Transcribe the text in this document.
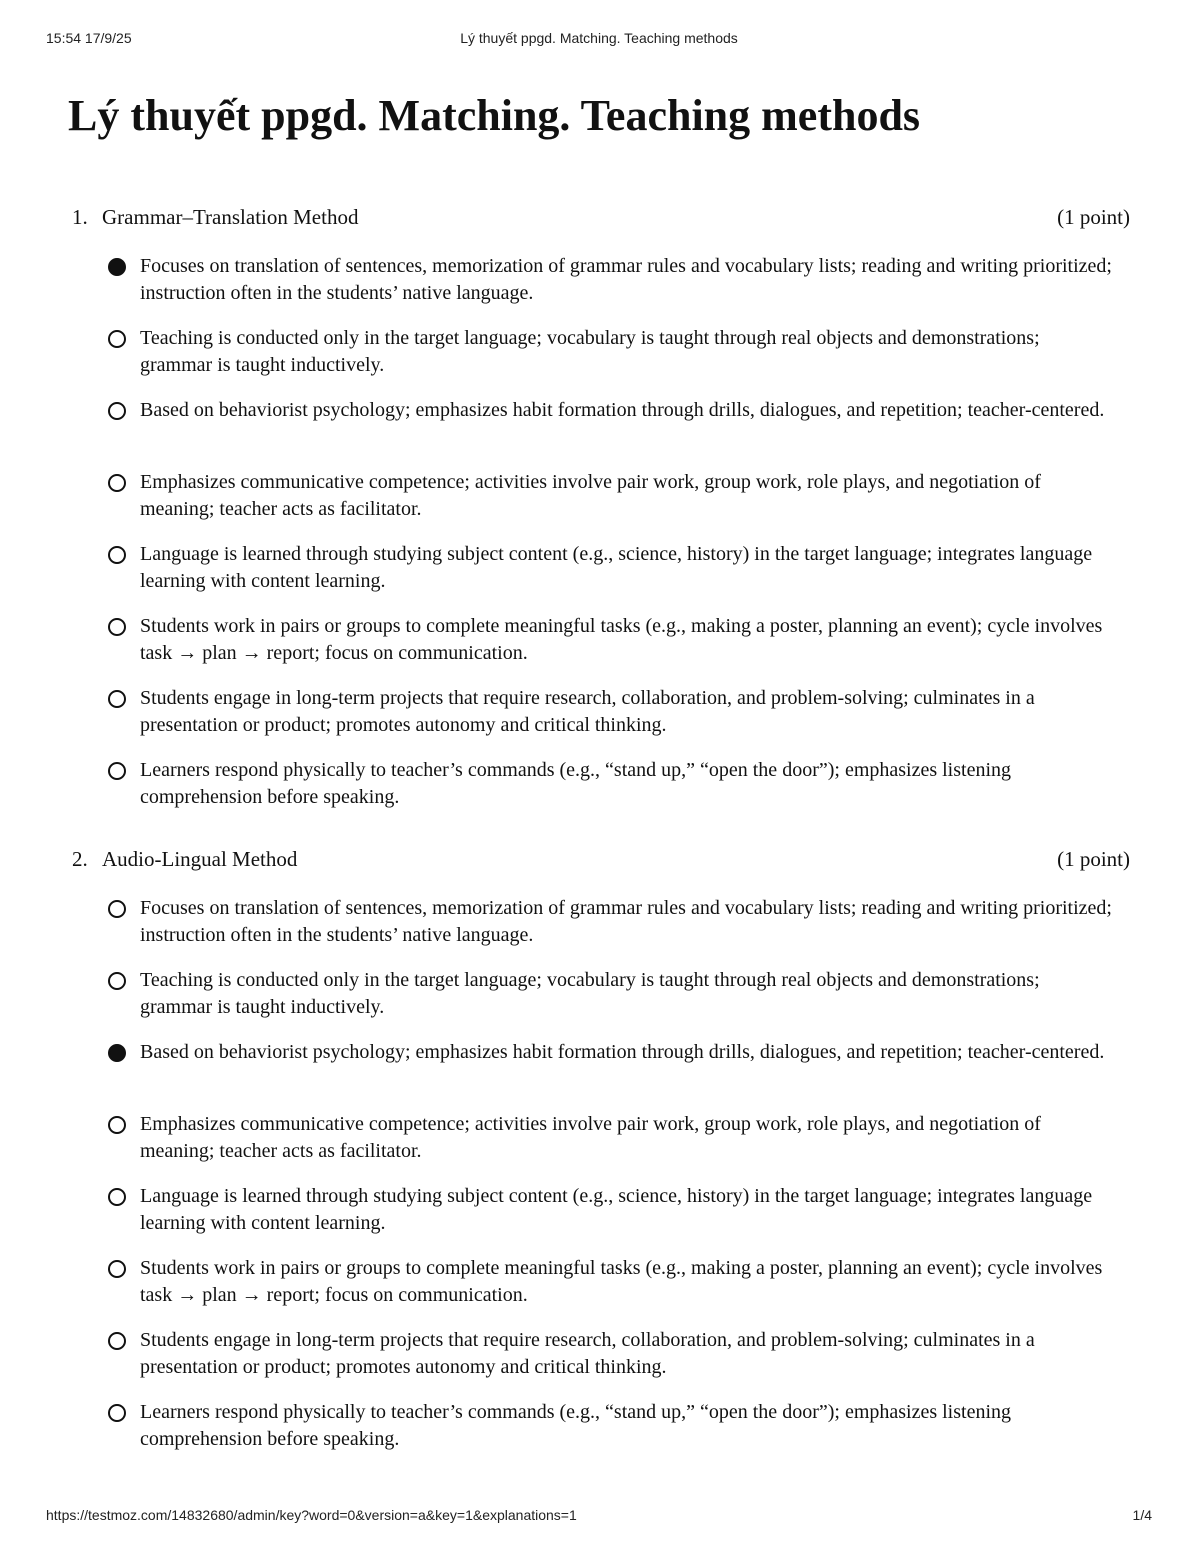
15:54 17/9/25	Lý thuyết ppgd. Matching. Teaching methods
Lý thuyết ppgd. Matching. Teaching methods
1. Grammar–Translation Method	(1 point)
Focuses on translation of sentences, memorization of grammar rules and vocabulary lists; reading and writing prioritized; instruction often in the students’ native language.
Teaching is conducted only in the target language; vocabulary is taught through real objects and demonstrations; grammar is taught inductively.
Based on behaviorist psychology; emphasizes habit formation through drills, dialogues, and repetition; teacher-centered.
Emphasizes communicative competence; activities involve pair work, group work, role plays, and negotiation of meaning; teacher acts as facilitator.
Language is learned through studying subject content (e.g., science, history) in the target language; integrates language learning with content learning.
Students work in pairs or groups to complete meaningful tasks (e.g., making a poster, planning an event); cycle involves task → plan → report; focus on communication.
Students engage in long-term projects that require research, collaboration, and problem-solving; culminates in a presentation or product; promotes autonomy and critical thinking.
Learners respond physically to teacher’s commands (e.g., “stand up,” “open the door”); emphasizes listening comprehension before speaking.
2. Audio-Lingual Method	(1 point)
Focuses on translation of sentences, memorization of grammar rules and vocabulary lists; reading and writing prioritized; instruction often in the students’ native language.
Teaching is conducted only in the target language; vocabulary is taught through real objects and demonstrations; grammar is taught inductively.
Based on behaviorist psychology; emphasizes habit formation through drills, dialogues, and repetition; teacher-centered.
Emphasizes communicative competence; activities involve pair work, group work, role plays, and negotiation of meaning; teacher acts as facilitator.
Language is learned through studying subject content (e.g., science, history) in the target language; integrates language learning with content learning.
Students work in pairs or groups to complete meaningful tasks (e.g., making a poster, planning an event); cycle involves task → plan → report; focus on communication.
Students engage in long-term projects that require research, collaboration, and problem-solving; culminates in a presentation or product; promotes autonomy and critical thinking.
Learners respond physically to teacher’s commands (e.g., “stand up,” “open the door”); emphasizes listening comprehension before speaking.
https://testmoz.com/14832680/admin/key?word=0&version=a&key=1&explanations=1	1/4
